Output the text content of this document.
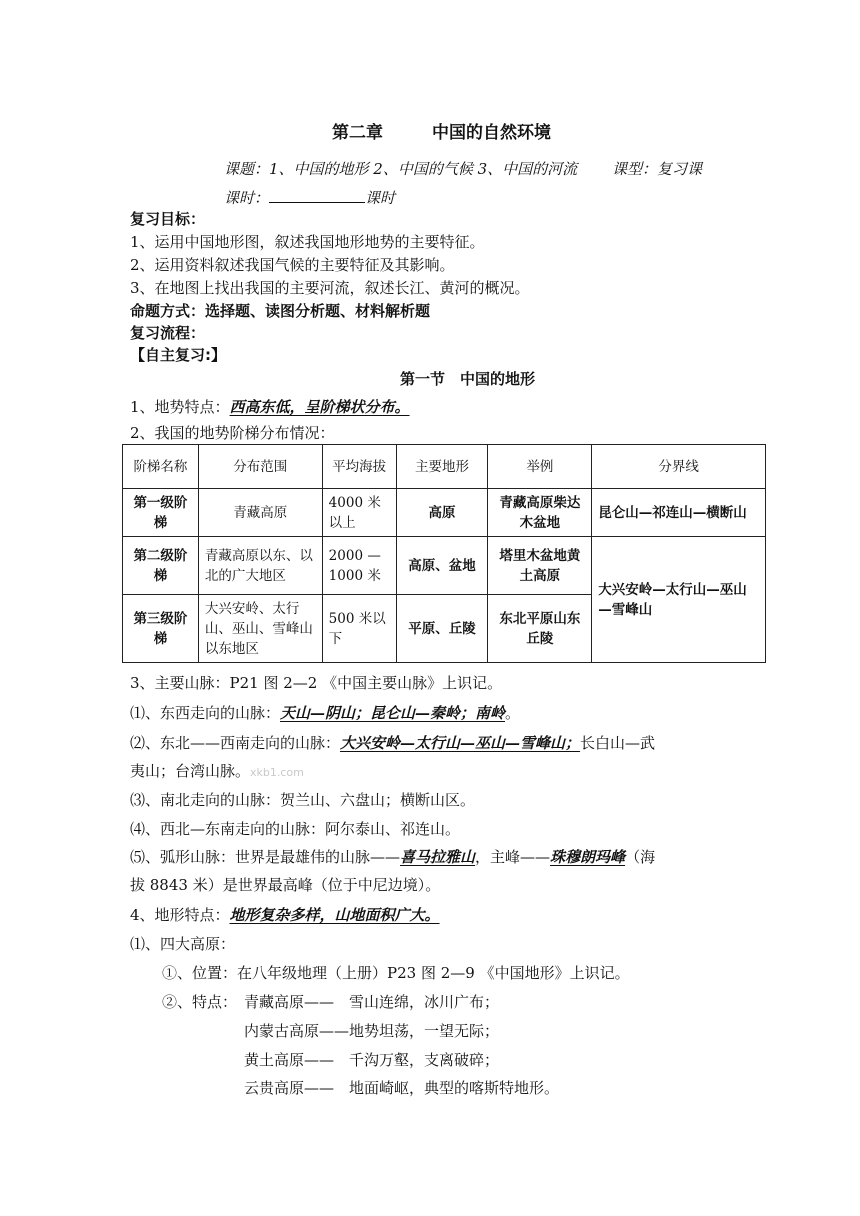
第二章	中国的自然环境
课题：1、中国的地形 2、中国的气候 3、中国的河流 课型：复习课
课时：	课时
复习目标：
1、运用中国地形图，叙述我国地形地势的主要特征。
2、运用资料叙述我国气候的主要特征及其影响。
3、在地图上找出我国的主要河流，叙述长江、黄河的概况。
命题方式：选择题、读图分析题、材料解析题
复习流程：
【自主复习:】
第一节　中国的地形
1、地势特点：西高东低，呈阶梯状分布。
2、我国的地势阶梯分布情况：
阶梯名称	分布范围	平均海拔	主要地形	举例	分界线
第一级阶梯	青藏高原	4000 米以上	高原	青藏高原柴达木盆地	昆仑山—祁连山—横断山
第二级阶梯	青藏高原以东、以北的广大地区	2000 — 1000 米	高原、盆地	塔里木盆地黄土高原	大兴安岭—太行山—巫山—雪峰山
第三级阶梯	大兴安岭、太行山、巫山、雪峰山以东地区	500 米以下	平原、丘陵	东北平原山东丘陵	
3、主要山脉：P21 图 2—2 《中国主要山脉》上识记。
⑴、东西走向的山脉：天山—阴山；昆仑山—秦岭；南岭。
⑵、东北——西南走向的山脉：大兴安岭—太行山—巫山—雪峰山；长白山—武
夷山；台湾山脉。xkb1.com
⑶、南北走向的山脉：贺兰山、六盘山；横断山区。
⑷、西北—东南走向的山脉：阿尔泰山、祁连山。
⑸、弧形山脉：世界是最雄伟的山脉——喜马拉雅山，主峰——珠穆朗玛峰（海
拔 8843 米）是世界最高峰（位于中尼边境）。
4、地形特点：地形复杂多样，山地面积广大。
⑴、四大高原：
①、位置：在八年级地理（上册）P23 图 2—9 《中国地形》上识记。
②、特点： 青藏高原——　雪山连绵，冰川广布；
内蒙古高原——地势坦荡，一望无际；
黄土高原——　千沟万壑，支离破碎；
云贵高原——　地面崎岖，典型的喀斯特地形。
